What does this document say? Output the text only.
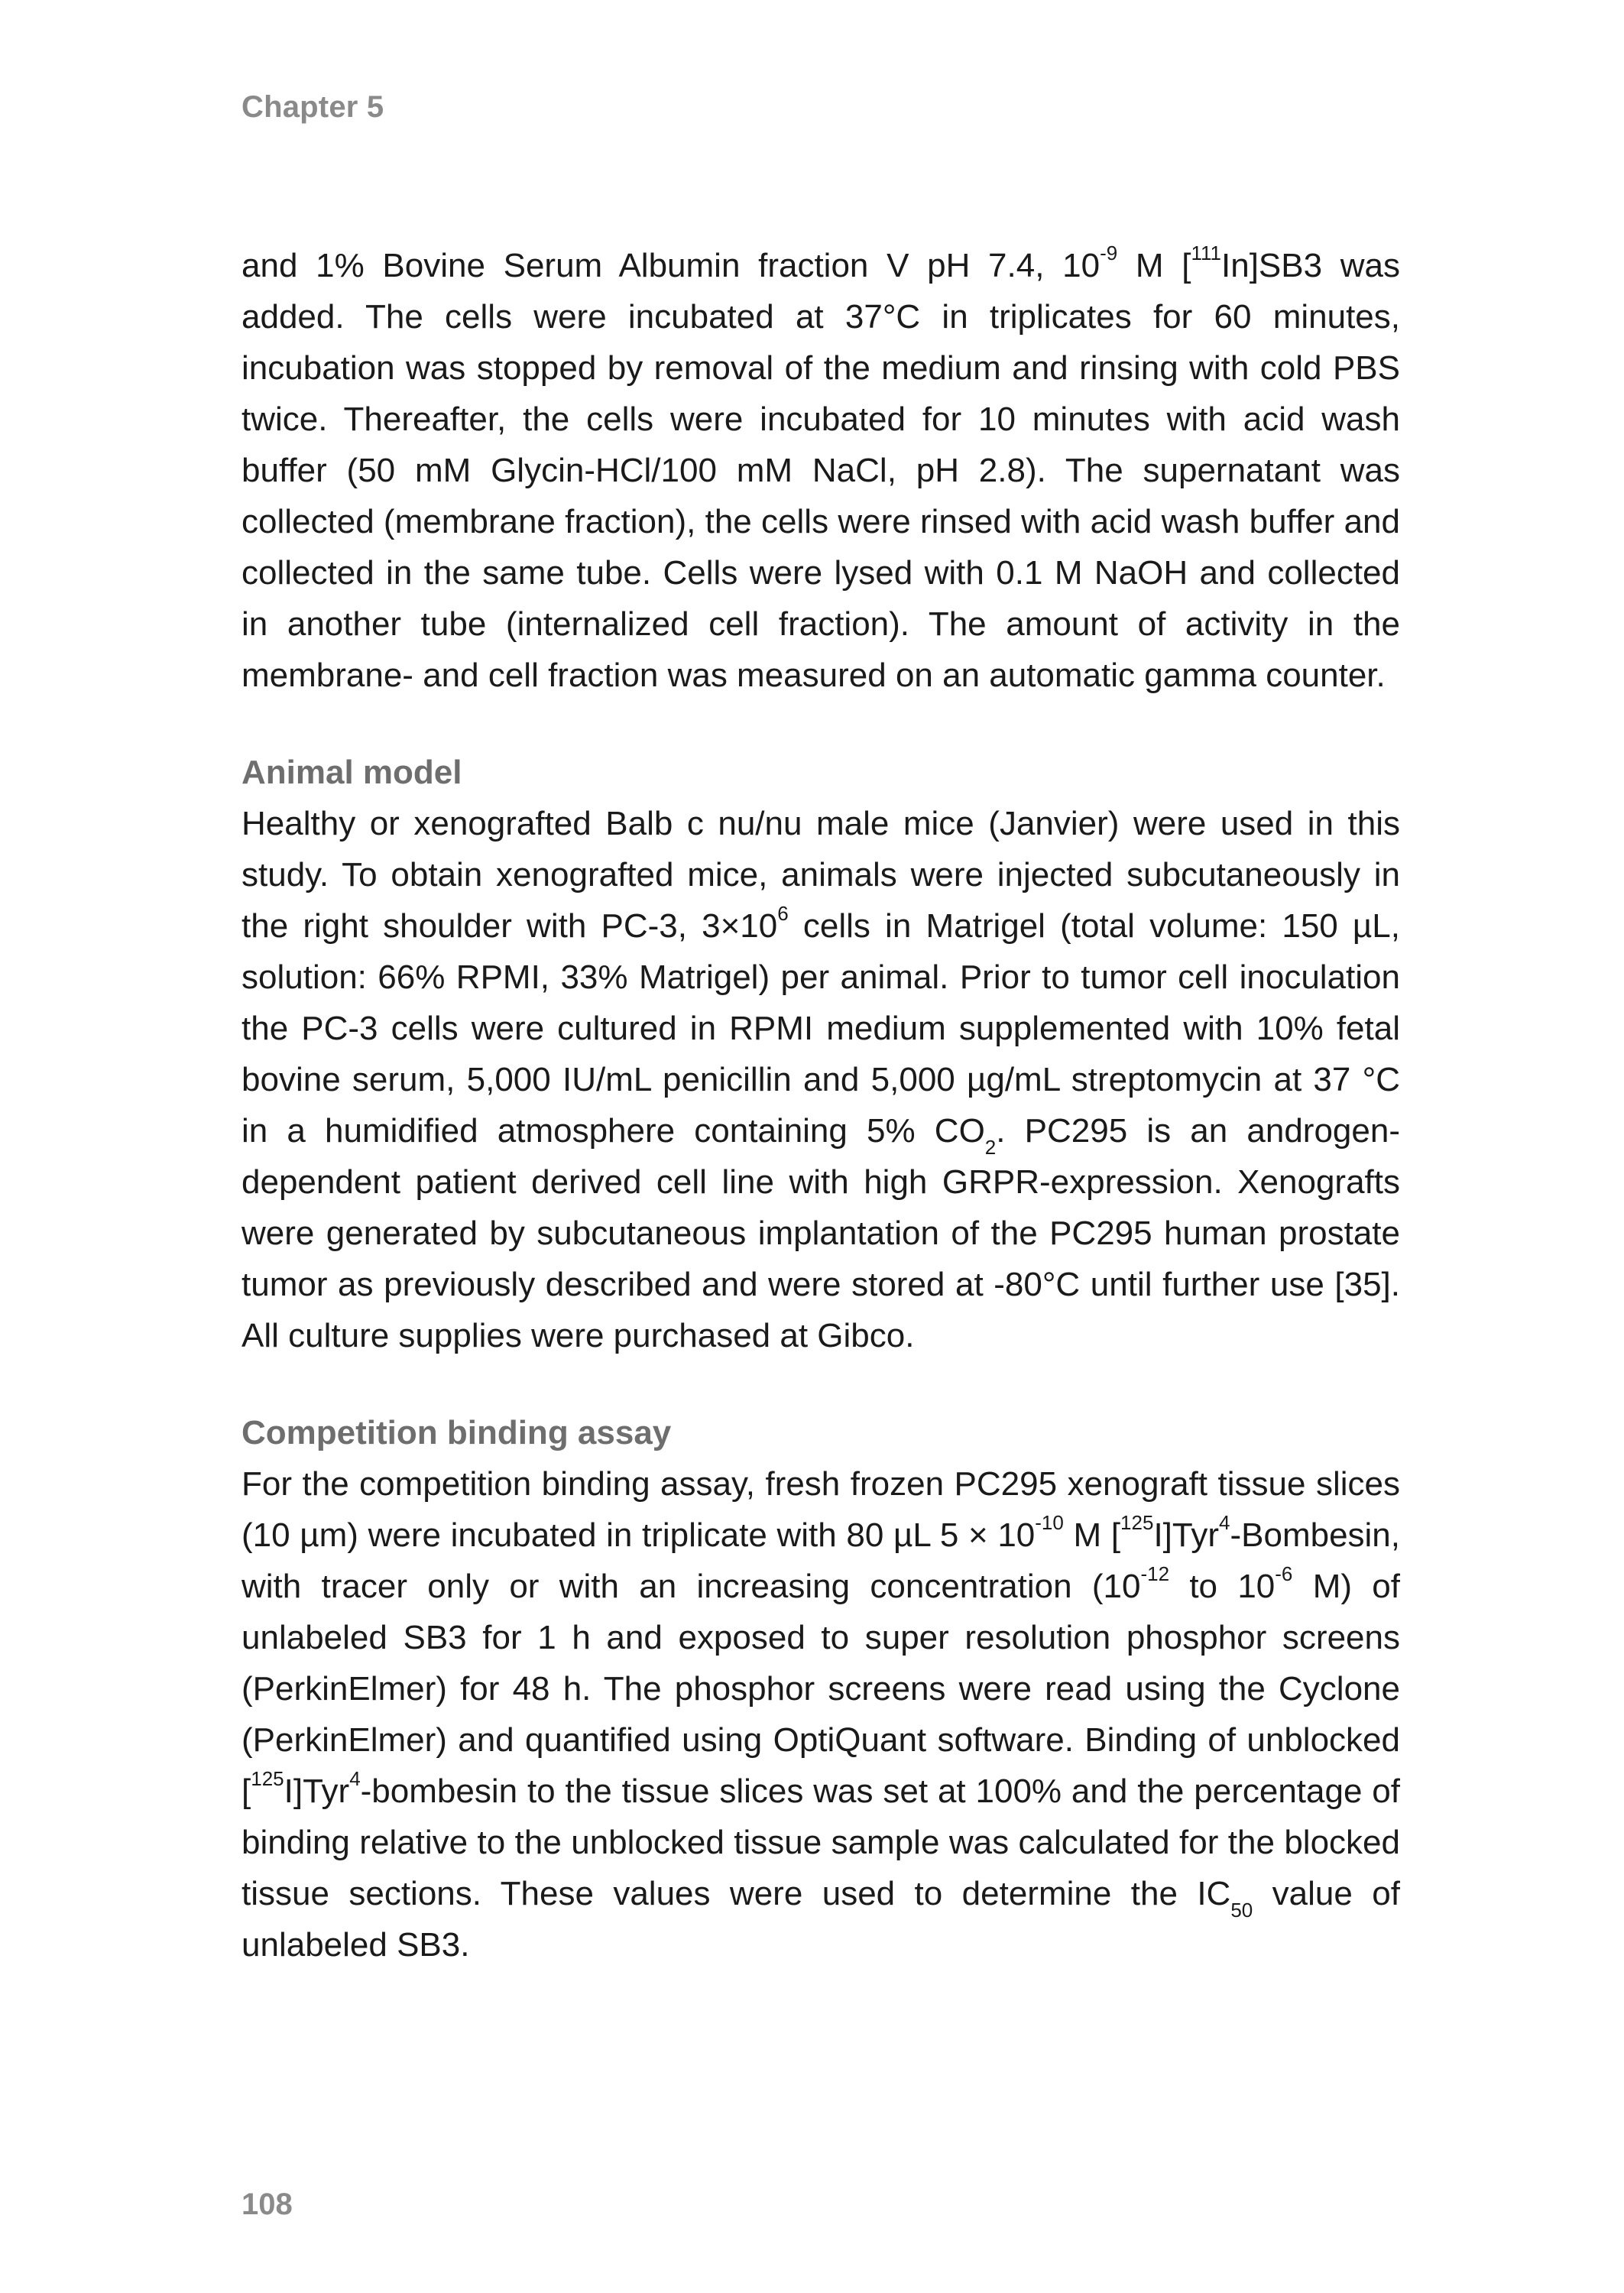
Chapter 5

and 1% Bovine Serum Albumin fraction V pH 7.4, $10^{-9}$ M [$^{111}$In]SB3 was added. The cells were incubated at 37°C in triplicates for 60 minutes, incubation was stopped by removal of the medium and rinsing with cold PBS twice. Thereafter, the cells were incubated for 10 minutes with acid wash buffer (50 mM Glycin-HCl/100 mM NaCl, pH 2.8). The supernatant was collected (membrane fraction), the cells were rinsed with acid wash buffer and collected in the same tube. Cells were lysed with 0.1 M NaOH and collected in another tube (internalized cell fraction). The amount of activity in the membrane- and cell fraction was measured on an automatic gamma counter.

Animal model

Healthy or xenografted Balb c nu/nu male mice (Janvier) were used in this study. To obtain xenografted mice, animals were injected subcutaneously in the right shoulder with PC-3, $3\times 10^6$ cells in Matrigel (total volume: 150 µL, solution: 66% RPMI, 33% Matrigel) per animal. Prior to tumor cell inoculation the PC-3 cells were cultured in RPMI medium supplemented with 10% fetal bovine serum, 5,000 IU/mL penicillin and 5,000 µg/mL streptomycin at 37 °C in a humidified atmosphere containing 5% $CO_2$. PC295 is an androgen-dependent patient derived cell line with high GRPR-expression. Xenografts were generated by subcutaneous implantation of the PC295 human prostate tumor as previously described and were stored at -80°C until further use [35]. All culture supplies were purchased at Gibco.

Competition binding assay

For the competition binding assay, fresh frozen PC295 xenograft tissue slices (10 µm) were incubated in triplicate with 80 µL $5 \times 10^{-10}$ M [$^{125}$I]Tyr$^4$-Bombesin, with tracer only or with an increasing concentration ($10^{-12}$ to $10^{-6}$ M) of unlabeled SB3 for 1 h and exposed to super resolution phosphor screens (PerkinElmer) for 48 h. The phosphor screens were read using the Cyclone (PerkinElmer) and quantified using OptiQuant software. Binding of unblocked [$^{125}$I]Tyr$^4$-bombesin to the tissue slices was set at 100% and the percentage of binding relative to the unblocked tissue sample was calculated for the blocked tissue sections. These values were used to determine the $IC_{50}$ value of unlabeled SB3.

108
